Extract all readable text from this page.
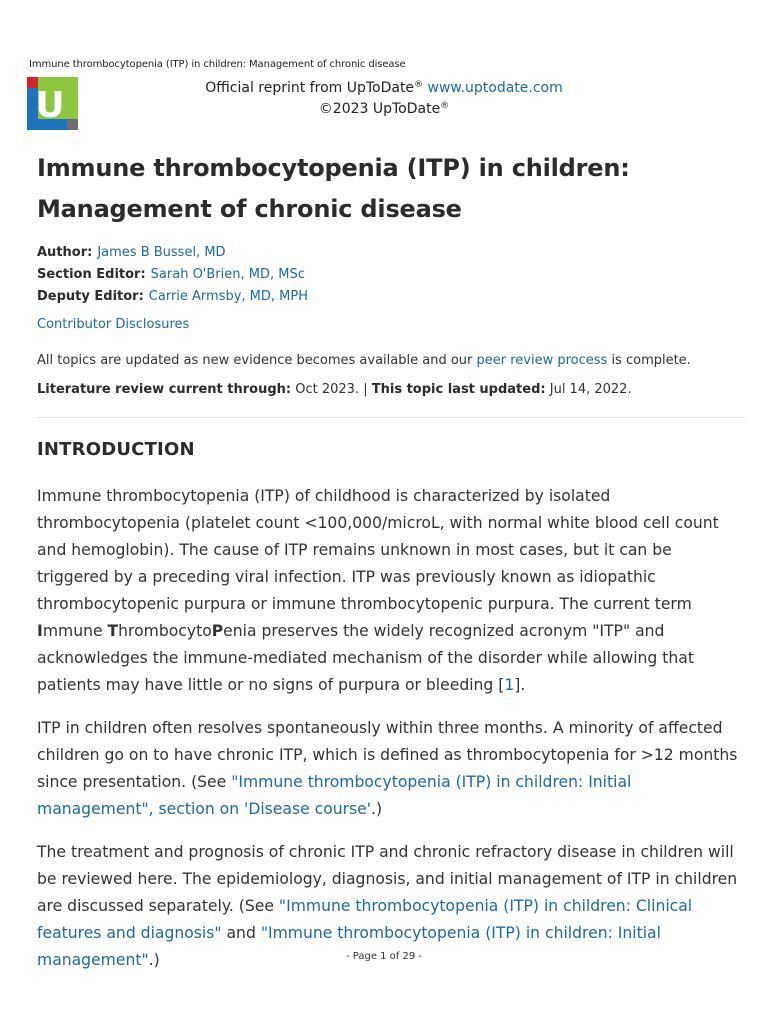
Immune thrombocytopenia (ITP) in children: Management of chronic disease
U	Official reprint from UpToDate® www.uptodate.com
©2023 UpToDate®
Immune thrombocytopenia (ITP) in children:
Management of chronic disease
Author: James B Bussel, MD
Section Editor: Sarah O'Brien, MD, MSc
Deputy Editor: Carrie Armsby, MD, MPH
Contributor Disclosures
All topics are updated as new evidence becomes available and our peer review process is complete.
Literature review current through: Oct 2023. | This topic last updated: Jul 14, 2022.
INTRODUCTION

Immune thrombocytopenia (ITP) of childhood is characterized by isolated thrombocytopenia (platelet count <100,000/microL, with normal white blood cell count and hemoglobin). The cause of ITP remains unknown in most cases, but it can be triggered by a preceding viral infection. ITP was previously known as idiopathic thrombocytopenic purpura or immune thrombocytopenic purpura. The current term Immune ThrombocytoPenia preserves the widely recognized acronym "ITP" and acknowledges the immune-mediated mechanism of the disorder while allowing that patients may have little or no signs of purpura or bleeding [1].

ITP in children often resolves spontaneously within three months. A minority of affected children go on to have chronic ITP, which is defined as thrombocytopenia for >12 months since presentation. (See "Immune thrombocytopenia (ITP) in children: Initial management", section on 'Disease course'.)

The treatment and prognosis of chronic ITP and chronic refractory disease in children will be reviewed here. The epidemiology, diagnosis, and initial management of ITP in children are discussed separately. (See "Immune thrombocytopenia (ITP) in children: Clinical features and diagnosis" and "Immune thrombocytopenia (ITP) in children: Initial management".)	- Page 1 of 29 -
